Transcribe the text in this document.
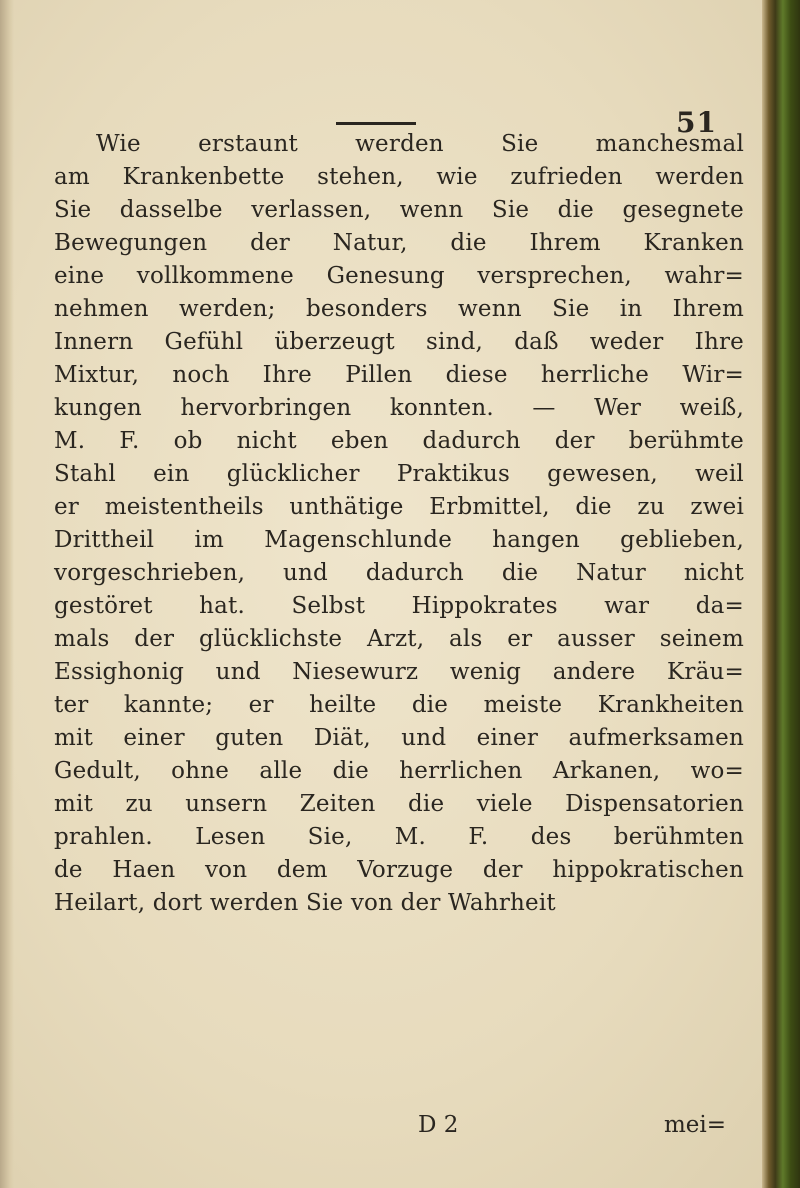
51
Wie erstaunt werden Sie manchesmal
am Krankenbette stehen, wie zufrieden werden
Sie dasselbe verlassen, wenn Sie die gesegnete
Bewegungen der Natur, die Ihrem Kranken
eine vollkommene Genesung versprechen, wahr=
nehmen werden; besonders wenn Sie in Ihrem
Innern Gefühl überzeugt sind, daß weder Ihre
Mixtur, noch Ihre Pillen diese herrliche Wir=
kungen hervorbringen konnten. — Wer weiß,
M. F. ob nicht eben dadurch der berühmte
Stahl ein glücklicher Praktikus gewesen, weil
er meistentheils unthätige Erbmittel, die zu zwei
Drittheil im Magenschlunde hangen geblieben,
vorgeschrieben, und dadurch die Natur nicht
gestöret hat. Selbst Hippokrates war da=
mals der glücklichste Arzt, als er ausser seinem
Essighonig und Niesewurz wenig andere Kräu=
ter kannte; er heilte die meiste Krankheiten
mit einer guten Diät, und einer aufmerksamen
Gedult, ohne alle die herrlichen Arkanen, wo=
mit zu unsern Zeiten die viele Dispensatorien
prahlen. Lesen Sie, M. F. des berühmten
de Haen von dem Vorzuge der hippokratischen
Heilart, dort werden Sie von der Wahrheit
D 2	mei=
